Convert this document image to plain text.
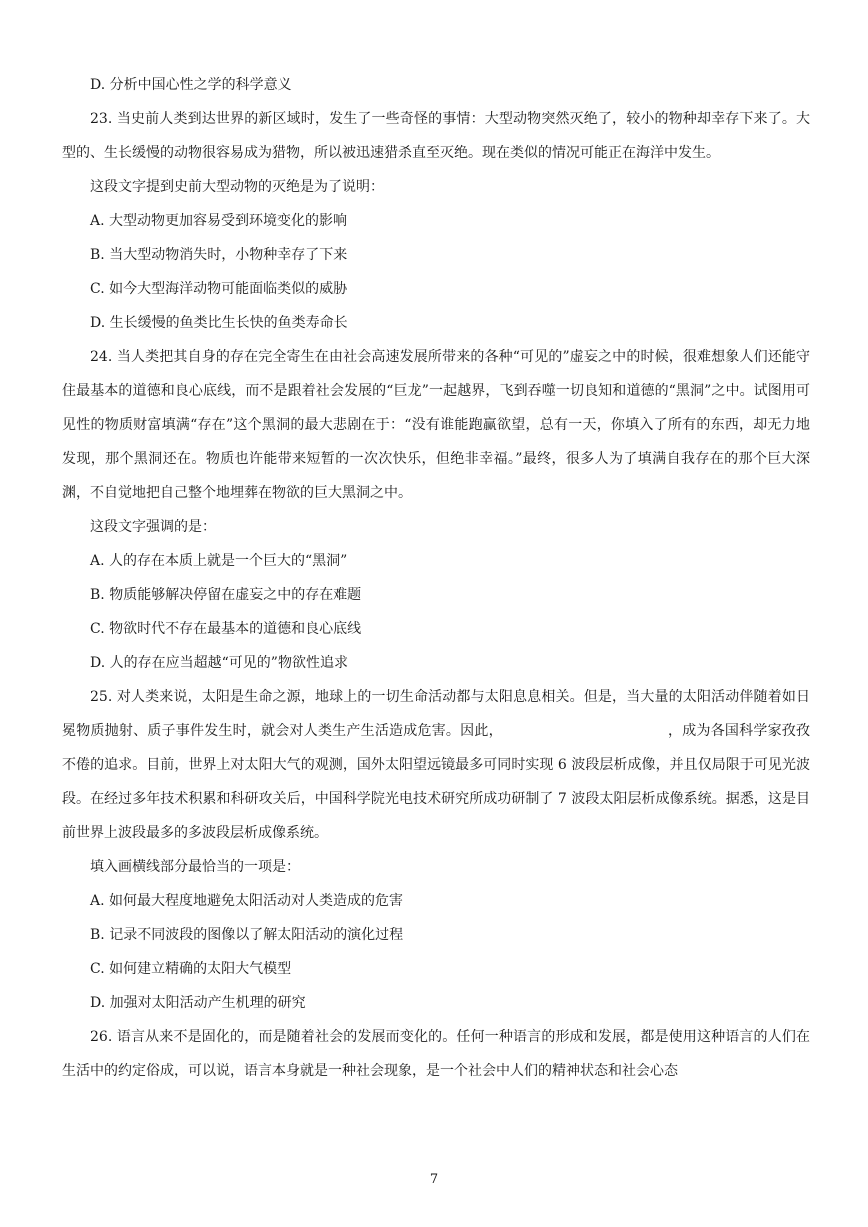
D. 分析中国心性之学的科学意义

23. 当史前人类到达世界的新区域时，发生了一些奇怪的事情：大型动物突然灭绝了，较小的物种却幸存下来了。大型的、生长缓慢的动物很容易成为猎物，所以被迅速猎杀直至灭绝。现在类似的情况可能正在海洋中发生。

这段文字提到史前大型动物的灭绝是为了说明：

A. 大型动物更加容易受到环境变化的影响

B. 当大型动物消失时，小物种幸存了下来

C. 如今大型海洋动物可能面临类似的威胁

D. 生长缓慢的鱼类比生长快的鱼类寿命长

24. 当人类把其自身的存在完全寄生在由社会高速发展所带来的各种“可见的”虚妄之中的时候，很难想象人们还能守住最基本的道德和良心底线，而不是跟着社会发展的“巨龙”一起越界，飞到吞噬一切良知和道德的“黑洞”之中。试图用可见性的物质财富填满“存在”这个黑洞的最大悲剧在于：“没有谁能跑赢欲望，总有一天，你填入了所有的东西，却无力地发现，那个黑洞还在。物质也许能带来短暂的一次次快乐，但绝非幸福。”最终，很多人为了填满自我存在的那个巨大深渊，不自觉地把自己整个地埋葬在物欲的巨大黑洞之中。

这段文字强调的是：

A. 人的存在本质上就是一个巨大的“黑洞”

B. 物质能够解决停留在虚妄之中的存在难题

C. 物欲时代不存在最基本的道德和良心底线

D. 人的存在应当超越“可见的”物欲性追求

25. 对人类来说，太阳是生命之源，地球上的一切生命活动都与太阳息息相关。但是，当大量的太阳活动伴随着如日冕物质抛射、质子事件发生时，就会对人类生产生活造成危害。因此，	，成为各国科学家孜孜不倦的追求。目前，世界上对太阳大气的观测，国外太阳望远镜最多可同时实现 6 波段层析成像，并且仅局限于可见光波段。在经过多年技术积累和科研攻关后，中国科学院光电技术研究所成功研制了 7 波段太阳层析成像系统。据悉，这是目前世界上波段最多的多波段层析成像系统。

填入画横线部分最恰当的一项是：

A. 如何最大程度地避免太阳活动对人类造成的危害

B. 记录不同波段的图像以了解太阳活动的演化过程

C. 如何建立精确的太阳大气模型

D. 加强对太阳活动产生机理的研究

26. 语言从来不是固化的，而是随着社会的发展而变化的。任何一种语言的形成和发展，都是使用这种语言的人们在生活中的约定俗成，可以说，语言本身就是一种社会现象，是一个社会中人们的精神状态和社会心态

7
